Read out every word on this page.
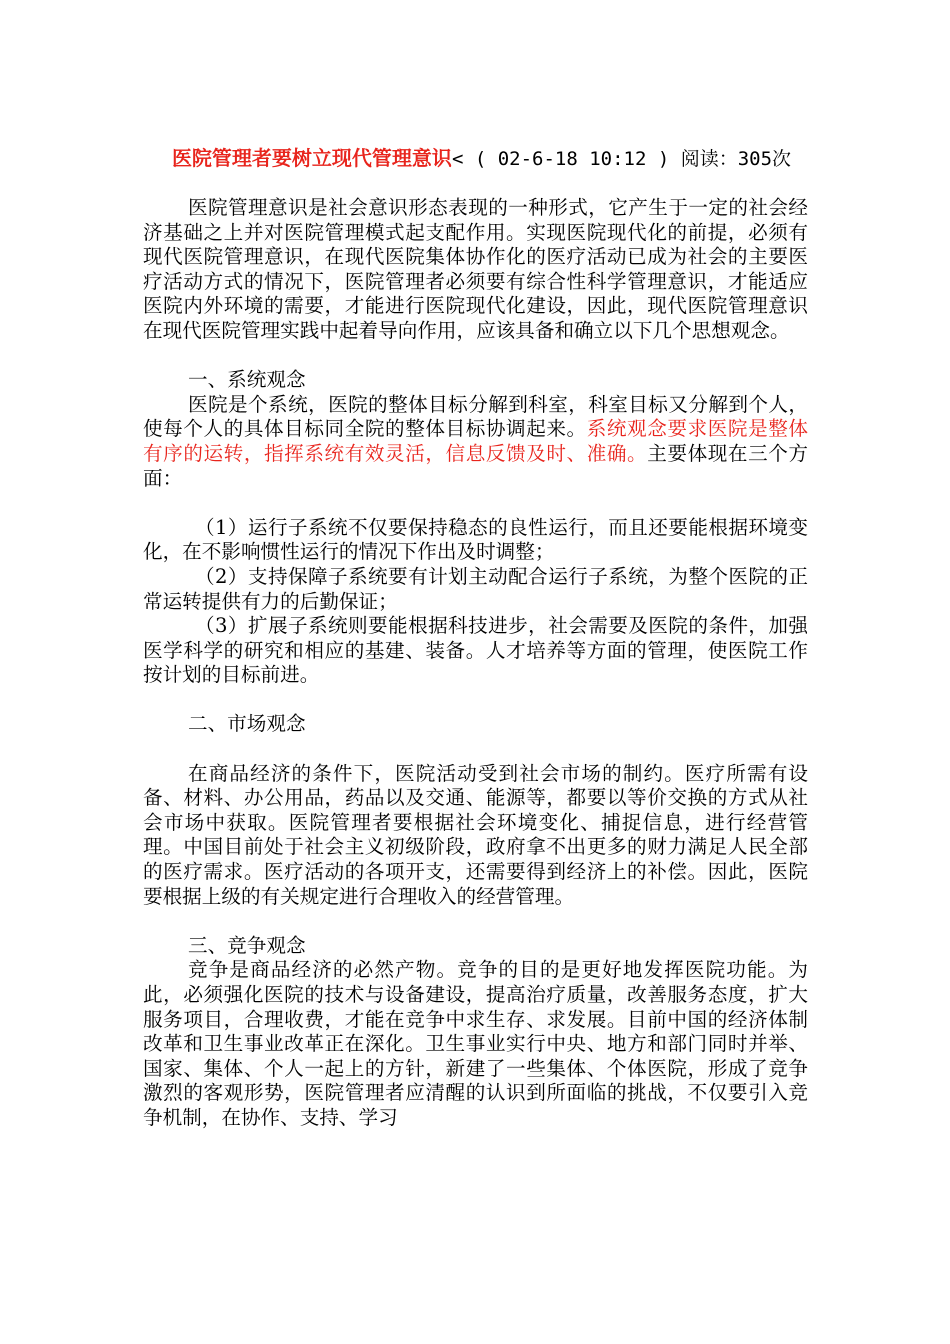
医院管理者要树立现代管理意识< ( 02-6-18 10:12 ) 阅读：305次

医院管理意识是社会意识形态表现的一种形式，它产生于一定的社会经济基础之上并对医院管理模式起支配作用。实现医院现代化的前提，必须有现代医院管理意识，在现代医院集体协作化的医疗活动已成为社会的主要医疗活动方式的情况下，医院管理者必须要有综合性科学管理意识，才能适应医院内外环境的需要，才能进行医院现代化建设，因此，现代医院管理意识在现代医院管理实践中起着导向作用，应该具备和确立以下几个思想观念。

一、系统观念

医院是个系统，医院的整体目标分解到科室，科室目标又分解到个人，使每个人的具体目标同全院的整体目标协调起来。系统观念要求医院是整体有序的运转，指挥系统有效灵活，信息反馈及时、准确。主要体现在三个方面：

（1）运行子系统不仅要保持稳态的良性运行，而且还要能根据环境变化，在不影响惯性运行的情况下作出及时调整；

（2）支持保障子系统要有计划主动配合运行子系统，为整个医院的正常运转提供有力的后勤保证；

（3）扩展子系统则要能根据科技进步，社会需要及医院的条件，加强医学科学的研究和相应的基建、装备。人才培养等方面的管理，使医院工作按计划的目标前进。

二、市场观念

在商品经济的条件下，医院活动受到社会市场的制约。医疗所需有设备、材料、办公用品，药品以及交通、能源等，都要以等价交换的方式从社会市场中获取。医院管理者要根据社会环境变化、捕捉信息，进行经营管理。中国目前处于社会主义初级阶段，政府拿不出更多的财力满足人民全部的医疗需求。医疗活动的各项开支，还需要得到经济上的补偿。因此，医院要根据上级的有关规定进行合理收入的经营管理。

三、竞争观念

竞争是商品经济的必然产物。竞争的目的是更好地发挥医院功能。为此，必须强化医院的技术与设备建设，提高治疗质量，改善服务态度，扩大服务项目，合理收费，才能在竞争中求生存、求发展。目前中国的经济体制改革和卫生事业改革正在深化。卫生事业实行中央、地方和部门同时并举、国家、集体、个人一起上的方针，新建了一些集体、个体医院，形成了竞争激烈的客观形势，医院管理者应清醒的认识到所面临的挑战，不仅要引入竞争机制，在协作、支持、学习
